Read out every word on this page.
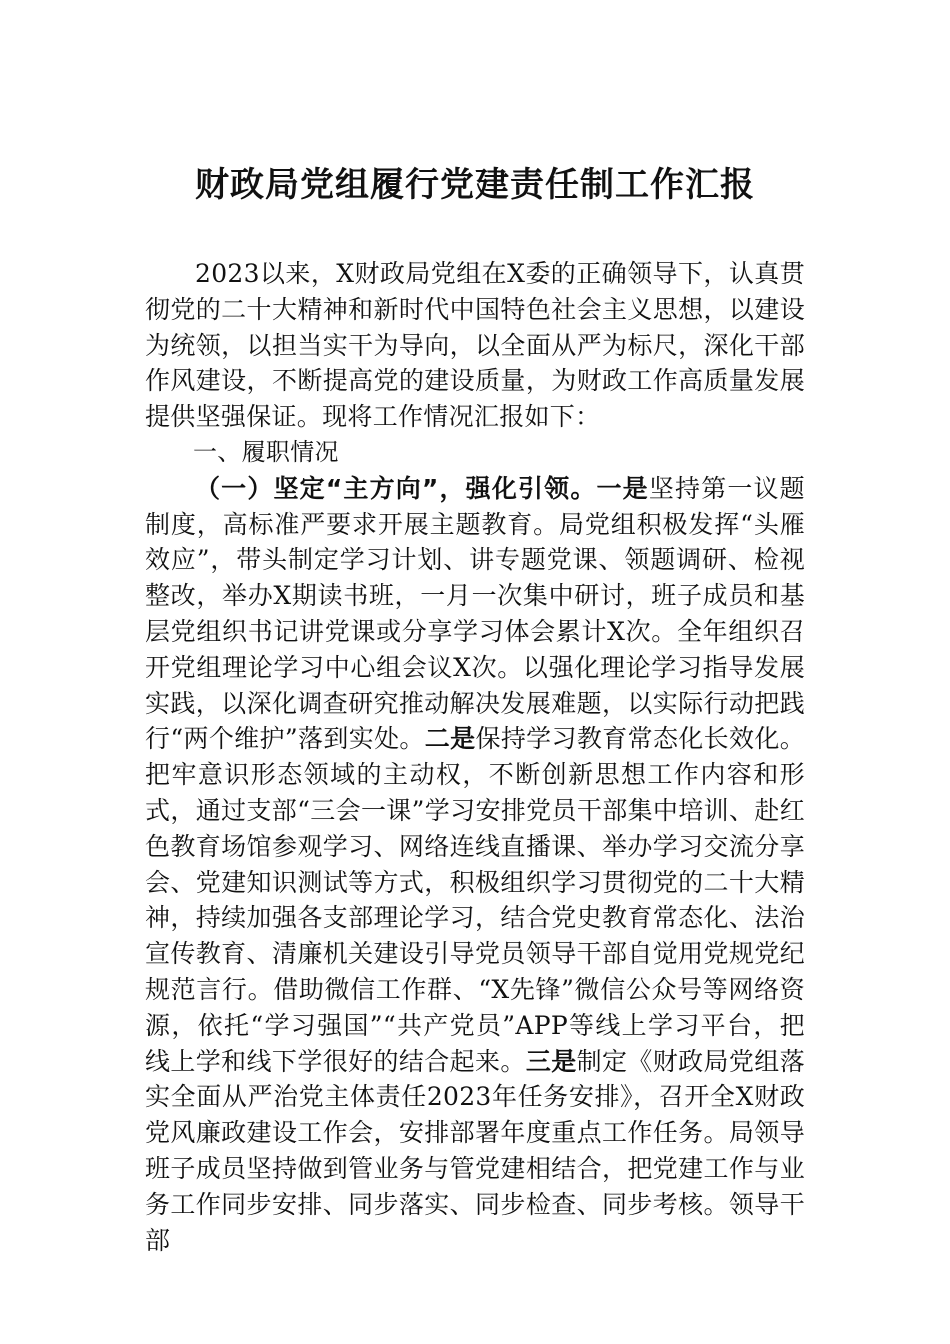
财政局党组履行党建责任制工作汇报

2023以来，X财政局党组在X委的正确领导下，认真贯彻党的二十大精神和新时代中国特色社会主义思想，以建设为统领，以担当实干为导向，以全面从严为标尺，深化干部作风建设，不断提高党的建设质量，为财政工作高质量发展提供坚强保证。现将工作情况汇报如下：

一、履职情况

（一）坚定“主方向”，强化引领。一是坚持第一议题制度，高标准严要求开展主题教育。局党组积极发挥“头雁效应”，带头制定学习计划、讲专题党课、领题调研、检视整改，举办X期读书班，一月一次集中研讨，班子成员和基层党组织书记讲党课或分享学习体会累计X次。全年组织召开党组理论学习中心组会议X次。以强化理论学习指导发展实践，以深化调查研究推动解决发展难题，以实际行动把践行“两个维护”落到实处。二是保持学习教育常态化长效化。把牢意识形态领域的主动权，不断创新思想工作内容和形式，通过支部“三会一课”学习安排党员干部集中培训、赴红色教育场馆参观学习、网络连线直播课、举办学习交流分享会、党建知识测试等方式，积极组织学习贯彻党的二十大精神，持续加强各支部理论学习，结合党史教育常态化、法治宣传教育、清廉机关建设引导党员领导干部自觉用党规党纪规范言行。借助微信工作群、“X先锋”微信公众号等网络资源，依托“学习强国”“共产党员”APP等线上学习平台，把线上学和线下学很好的结合起来。三是制定《财政局党组落实全面从严治党主体责任2023年任务安排》，召开全X财政党风廉政建设工作会，安排部署年度重点工作任务。局领导班子成员坚持做到管业务与管党建相结合，把党建工作与业务工作同步安排、同步落实、同步检查、同步考核。领导干部
